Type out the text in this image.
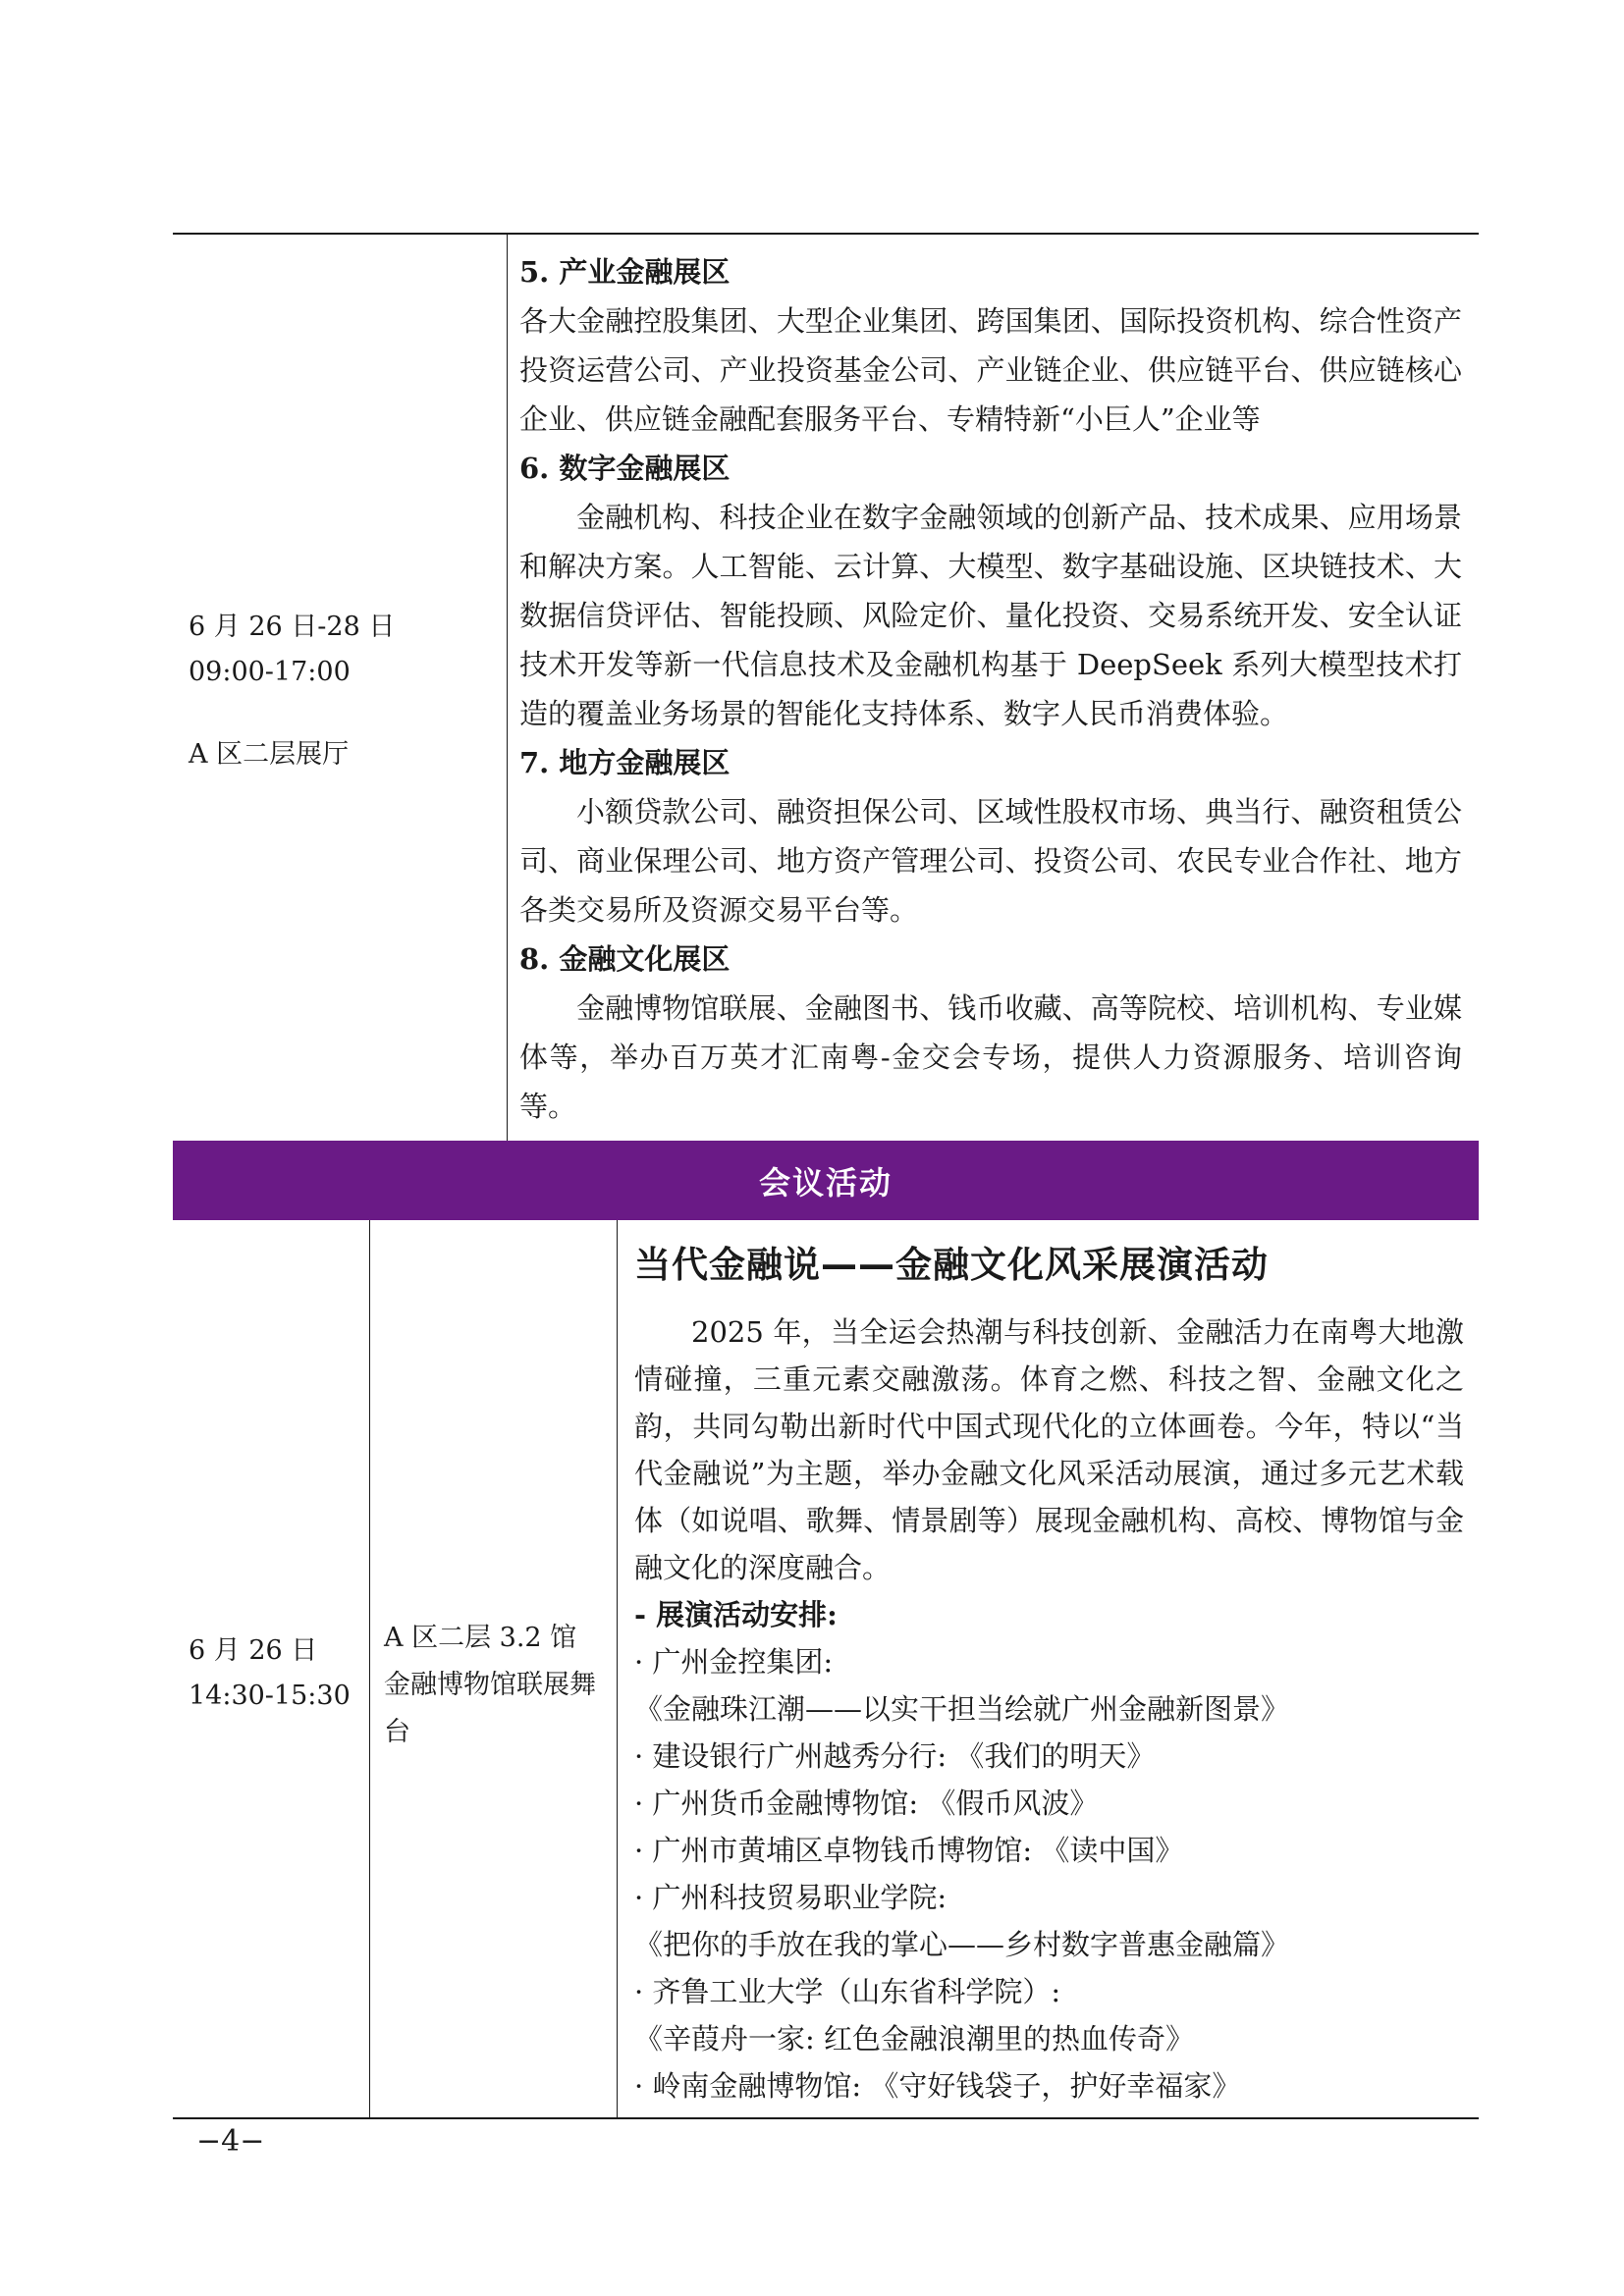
6 月 26 日-28 日
09:00-17:00
A 区二层展厅
5. 产业金融展区
各大金融控股集团、大型企业集团、跨国集团、国际投资机构、综合性资产投资运营公司、产业投资基金公司、产业链企业、供应链平台、供应链核心企业、供应链金融配套服务平台、专精特新“小巨人”企业等
6. 数字金融展区
金融机构、科技企业在数字金融领域的创新产品、技术成果、应用场景和解决方案。人工智能、云计算、大模型、数字基础设施、区块链技术、大数据信贷评估、智能投顾、风险定价、量化投资、交易系统开发、安全认证技术开发等新一代信息技术及金融机构基于 DeepSeek 系列大模型技术打造的覆盖业务场景的智能化支持体系、数字人民币消费体验。
7. 地方金融展区
小额贷款公司、融资担保公司、区域性股权市场、典当行、融资租赁公司、商业保理公司、地方资产管理公司、投资公司、农民专业合作社、地方各类交易所及资源交易平台等。
8. 金融文化展区
金融博物馆联展、金融图书、钱币收藏、高等院校、培训机构、专业媒体等，举办百万英才汇南粤-金交会专场，提供人力资源服务、培训咨询等。
会议活动
6 月 26 日
14:30-15:30
A 区二层 3.2 馆金融博物馆联展舞台
当代金融说——金融文化风采展演活动
2025 年，当全运会热潮与科技创新、金融活力在南粤大地激情碰撞，三重元素交融激荡。体育之燃、科技之智、金融文化之韵，共同勾勒出新时代中国式现代化的立体画卷。今年，特以“当代金融说”为主题，举办金融文化风采活动展演，通过多元艺术载体（如说唱、歌舞、情景剧等）展现金融机构、高校、博物馆与金融文化的深度融合。
- 展演活动安排:
· 广州金控集团:
《金融珠江潮——以实干担当绘就广州金融新图景》
· 建设银行广州越秀分行: 《我们的明天》
· 广州货币金融博物馆: 《假币风波》
· 广州市黄埔区卓物钱币博物馆: 《读中国》
· 广州科技贸易职业学院:
《把你的手放在我的掌心——乡村数字普惠金融篇》
· 齐鲁工业大学（山东省科学院）:
《辛葭舟一家: 红色金融浪潮里的热血传奇》
· 岭南金融博物馆: 《守好钱袋子，护好幸福家》
−4−
